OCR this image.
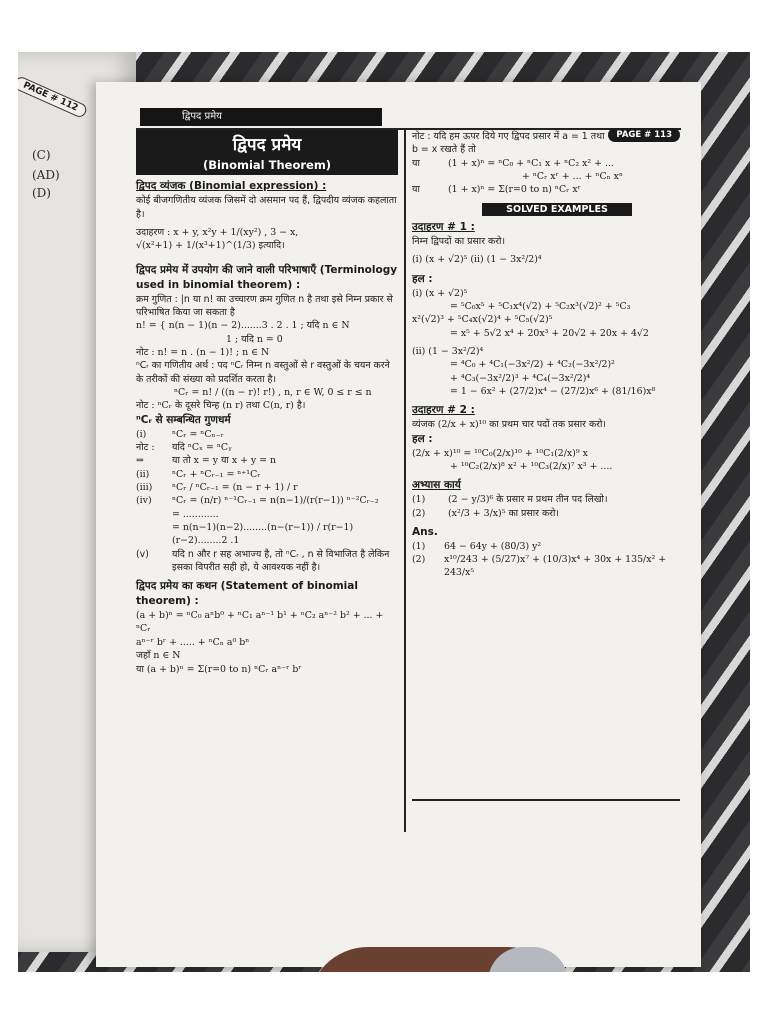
PAGE # 112
(C)
(AD)
(D)
द्विपद प्रमेय
द्विपद प्रमेय
(Binomial Theorem)

द्विपद व्यंजक (Binomial expression) :

कोई बीजगणितीय व्यंजक जिसमें दो असमान पद हैं, द्विपदीय व्यंजक कहलाता है।

उदाहरण : x + y, x²y + 1/(xy²) , 3 − x,

√(x²+1) + 1/(x³+1)^(1/3) इत्यादि।

द्विपद प्रमेय में उपयोग की जाने वाली परिभाषाएँ (Terminology used in binomial theorem) :

क्रम गुणित : |n या n! का उच्चारण क्रम गुणित n है तथा इसे निम्न प्रकार से परिभाषित किया जा सकता है

n! = { n(n − 1)(n − 2).......3 . 2 . 1 ; यदि n ∈ N

1 ; यदि n = 0

नोट : n! = n . (n − 1)! ; n ∈ N

ⁿCᵣ का गणितीय अर्थ : पद ⁿCᵣ निम्न n वस्तुओं से r वस्तुओं के चयन करने के तरीकों की संख्या को प्रदर्शित करता है।

ⁿCᵣ = n! / ((n − r)! r!) , n, r ∈ W, 0 ≤ r ≤ n

नोट : ⁿCᵣ के दूसरे चिन्ह (n r) तथा C(n, r) है।

ⁿCᵣ से सम्बन्धित गुणधर्म

(i)	ⁿCᵣ = ⁿCₙ₋ᵣ
नोट :	यदि ⁿCₓ = ⁿCᵧ
⇒	या तो x = y या x + y = n
(ii)	ⁿCᵣ + ⁿCᵣ₋₁ = ⁿ⁺¹Cᵣ
(iii)	ⁿCᵣ / ⁿCᵣ₋₁ = (n − r + 1) / r
(iv)	ⁿCᵣ = (n/r) ⁿ⁻¹Cᵣ₋₁ = n(n−1)/(r(r−1)) ⁿ⁻²Cᵣ₋₂
= ............
= n(n−1)(n−2)........(n−(r−1)) / r(r−1)(r−2)........2 .1
(v)	यदि n और r सह अभाज्य है, तो ⁿCᵣ , n से विभाजित है लेकिन इसका विपरीत सही हो, ये आवश्यक नहीं है।

द्विपद प्रमेय का कथन (Statement of binomial theorem) :

(a + b)ⁿ = ⁿC₀ aⁿb⁰ + ⁿC₁ aⁿ⁻¹ b¹ + ⁿC₂ aⁿ⁻² b² + ... + ⁿCᵣ

aⁿ⁻ʳ bʳ + ..... + ⁿCₙ a⁰ bⁿ

जहाँ n ∈ N

या (a + b)ⁿ = Σ(r=0 to n) ⁿCᵣ aⁿ⁻ʳ bʳ

PAGE # 113

नोट : यदि हम ऊपर दिये गए द्विपद प्रसार में a = 1 तथा b = x रखते हैं तो

या	(1 + x)ⁿ = ⁿC₀ + ⁿC₁ x + ⁿC₂ x² + ...

+ ⁿCᵣ xʳ + ... + ⁿCₙ xⁿ

या	(1 + x)ⁿ = Σ(r=0 to n) ⁿCᵣ xʳ
SOLVED EXAMPLES

उदाहरण # 1 :

निम्न द्विपदों का प्रसार करो।

(i) (x + √2)⁵ (ii) (1 − 3x²/2)⁴

हल :

(i) (x + √2)⁵

= ⁵C₀x⁵ + ⁵C₁x⁴(√2) + ⁵C₂x³(√2)² + ⁵C₃

x²(√2)³ + ⁵C₄x(√2)⁴ + ⁵C₅(√2)⁵

= x⁵ + 5√2 x⁴ + 20x³ + 20√2 + 20x + 4√2

(ii) (1 − 3x²/2)⁴

= ⁴C₀ + ⁴C₁(−3x²/2) + ⁴C₂(−3x²/2)²

+ ⁴C₃(−3x²/2)³ + ⁴C₄(−3x²/2)⁴

= 1 − 6x² + (27/2)x⁴ − (27/2)x⁶ + (81/16)x⁸

उदाहरण # 2 :

व्यंजक (2/x + x)¹⁰ का प्रथम चार पदों तक प्रसार करो।

हल :

(2/x + x)¹⁰ = ¹⁰C₀(2/x)¹⁰ + ¹⁰C₁(2/x)⁹ x

+ ¹⁰C₂(2/x)⁸ x² + ¹⁰C₃(2/x)⁷ x³ + ....

अभ्यास कार्य

(1)	(2 − y/3)⁶ के प्रसार म प्रथम तीन पद लिखो।
(2)	(x²/3 + 3/x)⁵ का प्रसार करो।

Ans.

(1)	64 − 64y + (80/3) y²
(2)	x¹⁰/243 + (5/27)x⁷ + (10/3)x⁴ + 30x + 135/x² + 243/x⁵
